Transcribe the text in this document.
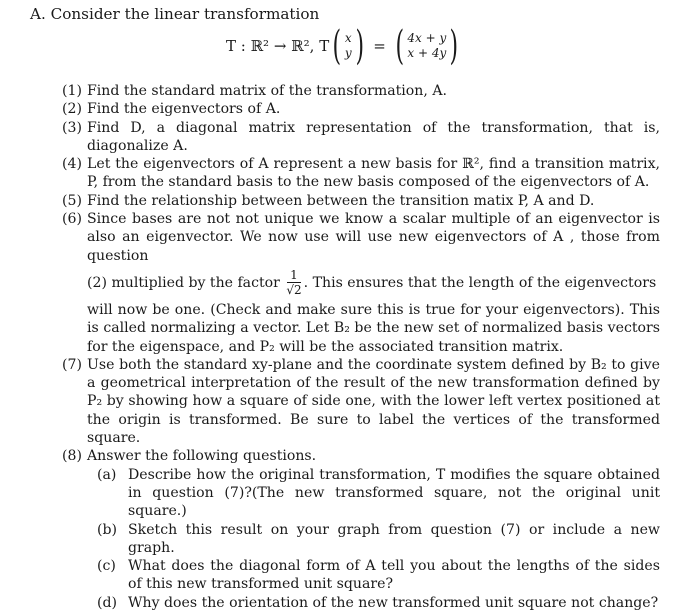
A. Consider the linear transformation
T : ℝ² → ℝ², T ( x
y ) = ( 4x + y
x + 4y )
(1) Find the standard matrix of the transformation, A.
(2) Find the eigenvectors of A.
(3) Find D, a diagonal matrix representation of the transformation, that is, diagonalize A.
(4) Let the eigenvectors of A represent a new basis for ℝ², find a transition matrix, P, from the standard basis to the new basis composed of the eigenvectors of A.
(5) Find the relationship between between the transition matix P, A and D.
(6) Since bases are not not unique we know a scalar multiple of an eigenvector is also an eigenvector. We now use will use new eigenvectors of A , those from question
(2) multiplied by the factor $\frac{1}{√2}$ . This ensures that the length of the eigenvectors
will now be one. (Check and make sure this is true for your eigenvectors). This is called normalizing a vector. Let B₂ be the new set of normalized basis vectors for the eigenspace, and P₂ will be the associated transition matrix.
(7) Use both the standard xy-plane and the coordinate system defined by B₂ to give a geometrical interpretation of the result of the new transformation defined by P₂ by showing how a square of side one, with the lower left vertex positioned at the origin is transformed. Be sure to label the vertices of the transformed square.
(8) Answer the following questions.
(a) Describe how the original transformation, T modifies the square obtained in question (7)?(The new transformed square, not the original unit square.)
(b) Sketch this result on your graph from question (7) or include a new graph.
(c) What does the diagonal form of A tell you about the lengths of the sides of this new transformed unit square?
(d) Why does the orientation of the new transformed unit square not change?
